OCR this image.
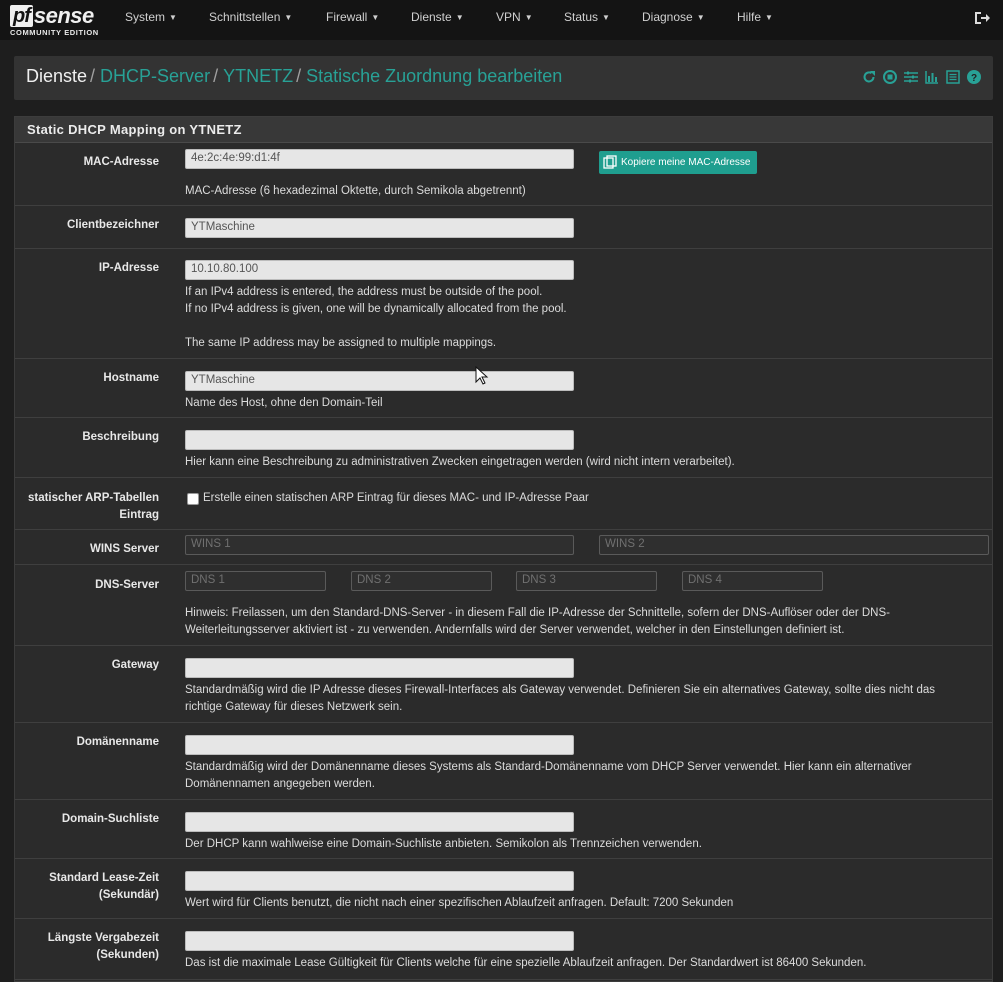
pf sense
COMMUNITY EDITION
System ▼	Schnittstellen ▼	Firewall ▼	Dienste ▼	VPN ▼	Status ▼	Diagnose ▼	Hilfe ▼
Dienste / DHCP-Server / YTNETZ / Statische Zuordnung bearbeiten	?
Static DHCP Mapping on YTNETZ
MAC-Adresse	4e:2c:4e:99:d1:4f	Kopiere meine MAC-Adresse
MAC-Adresse (6 hexadezimal Oktette, durch Semikola abgetrennt)
Clientbezeichner	YTMaschine
IP-Adresse	10.10.80.100
If an IPv4 address is entered, the address must be outside of the pool.
If no IPv4 address is given, one will be dynamically allocated from the pool.
The same IP address may be assigned to multiple mappings.
Hostname	YTMaschine
Name des Host, ohne den Domain-Teil
Beschreibung
Hier kann eine Beschreibung zu administrativen Zwecken eingetragen werden (wird nicht intern verarbeitet).
statischer ARP-Tabellen
Eintrag
Erstelle einen statischen ARP Eintrag für dieses MAC- und IP-Adresse Paar
WINS Server	WINS 1	WINS 2
DNS-Server	DNS 1	DNS 2	DNS 3	DNS 4
Hinweis: Freilassen, um den Standard-DNS-Server - in diesem Fall die IP-Adresse der Schnittelle, sofern der DNS-Auflöser oder der DNS-
Weiterleitungsserver aktiviert ist - zu verwenden. Andernfalls wird der Server verwendet, welcher in den Einstellungen definiert ist.
Gateway
Standardmäßig wird die IP Adresse dieses Firewall-Interfaces als Gateway verwendet. Definieren Sie ein alternatives Gateway, sollte dies nicht das
richtige Gateway für dieses Netzwerk sein.
Domänenname
Standardmäßig wird der Domänenname dieses Systems als Standard-Domänenname vom DHCP Server verwendet. Hier kann ein alternativer
Domänennamen angegeben werden.
Domain-Suchliste
Der DHCP kann wahlweise eine Domain-Suchliste anbieten. Semikolon als Trennzeichen verwenden.
Standard Lease-Zeit
(Sekundär)
Wert wird für Clients benutzt, die nicht nach einer spezifischen Ablaufzeit anfragen. Default: 7200 Sekunden
Längste Vergabezeit
(Sekunden)
Das ist die maximale Lease Gültigkeit für Clients welche für eine spezielle Ablaufzeit anfragen. Der Standardwert ist 86400 Sekunden.
